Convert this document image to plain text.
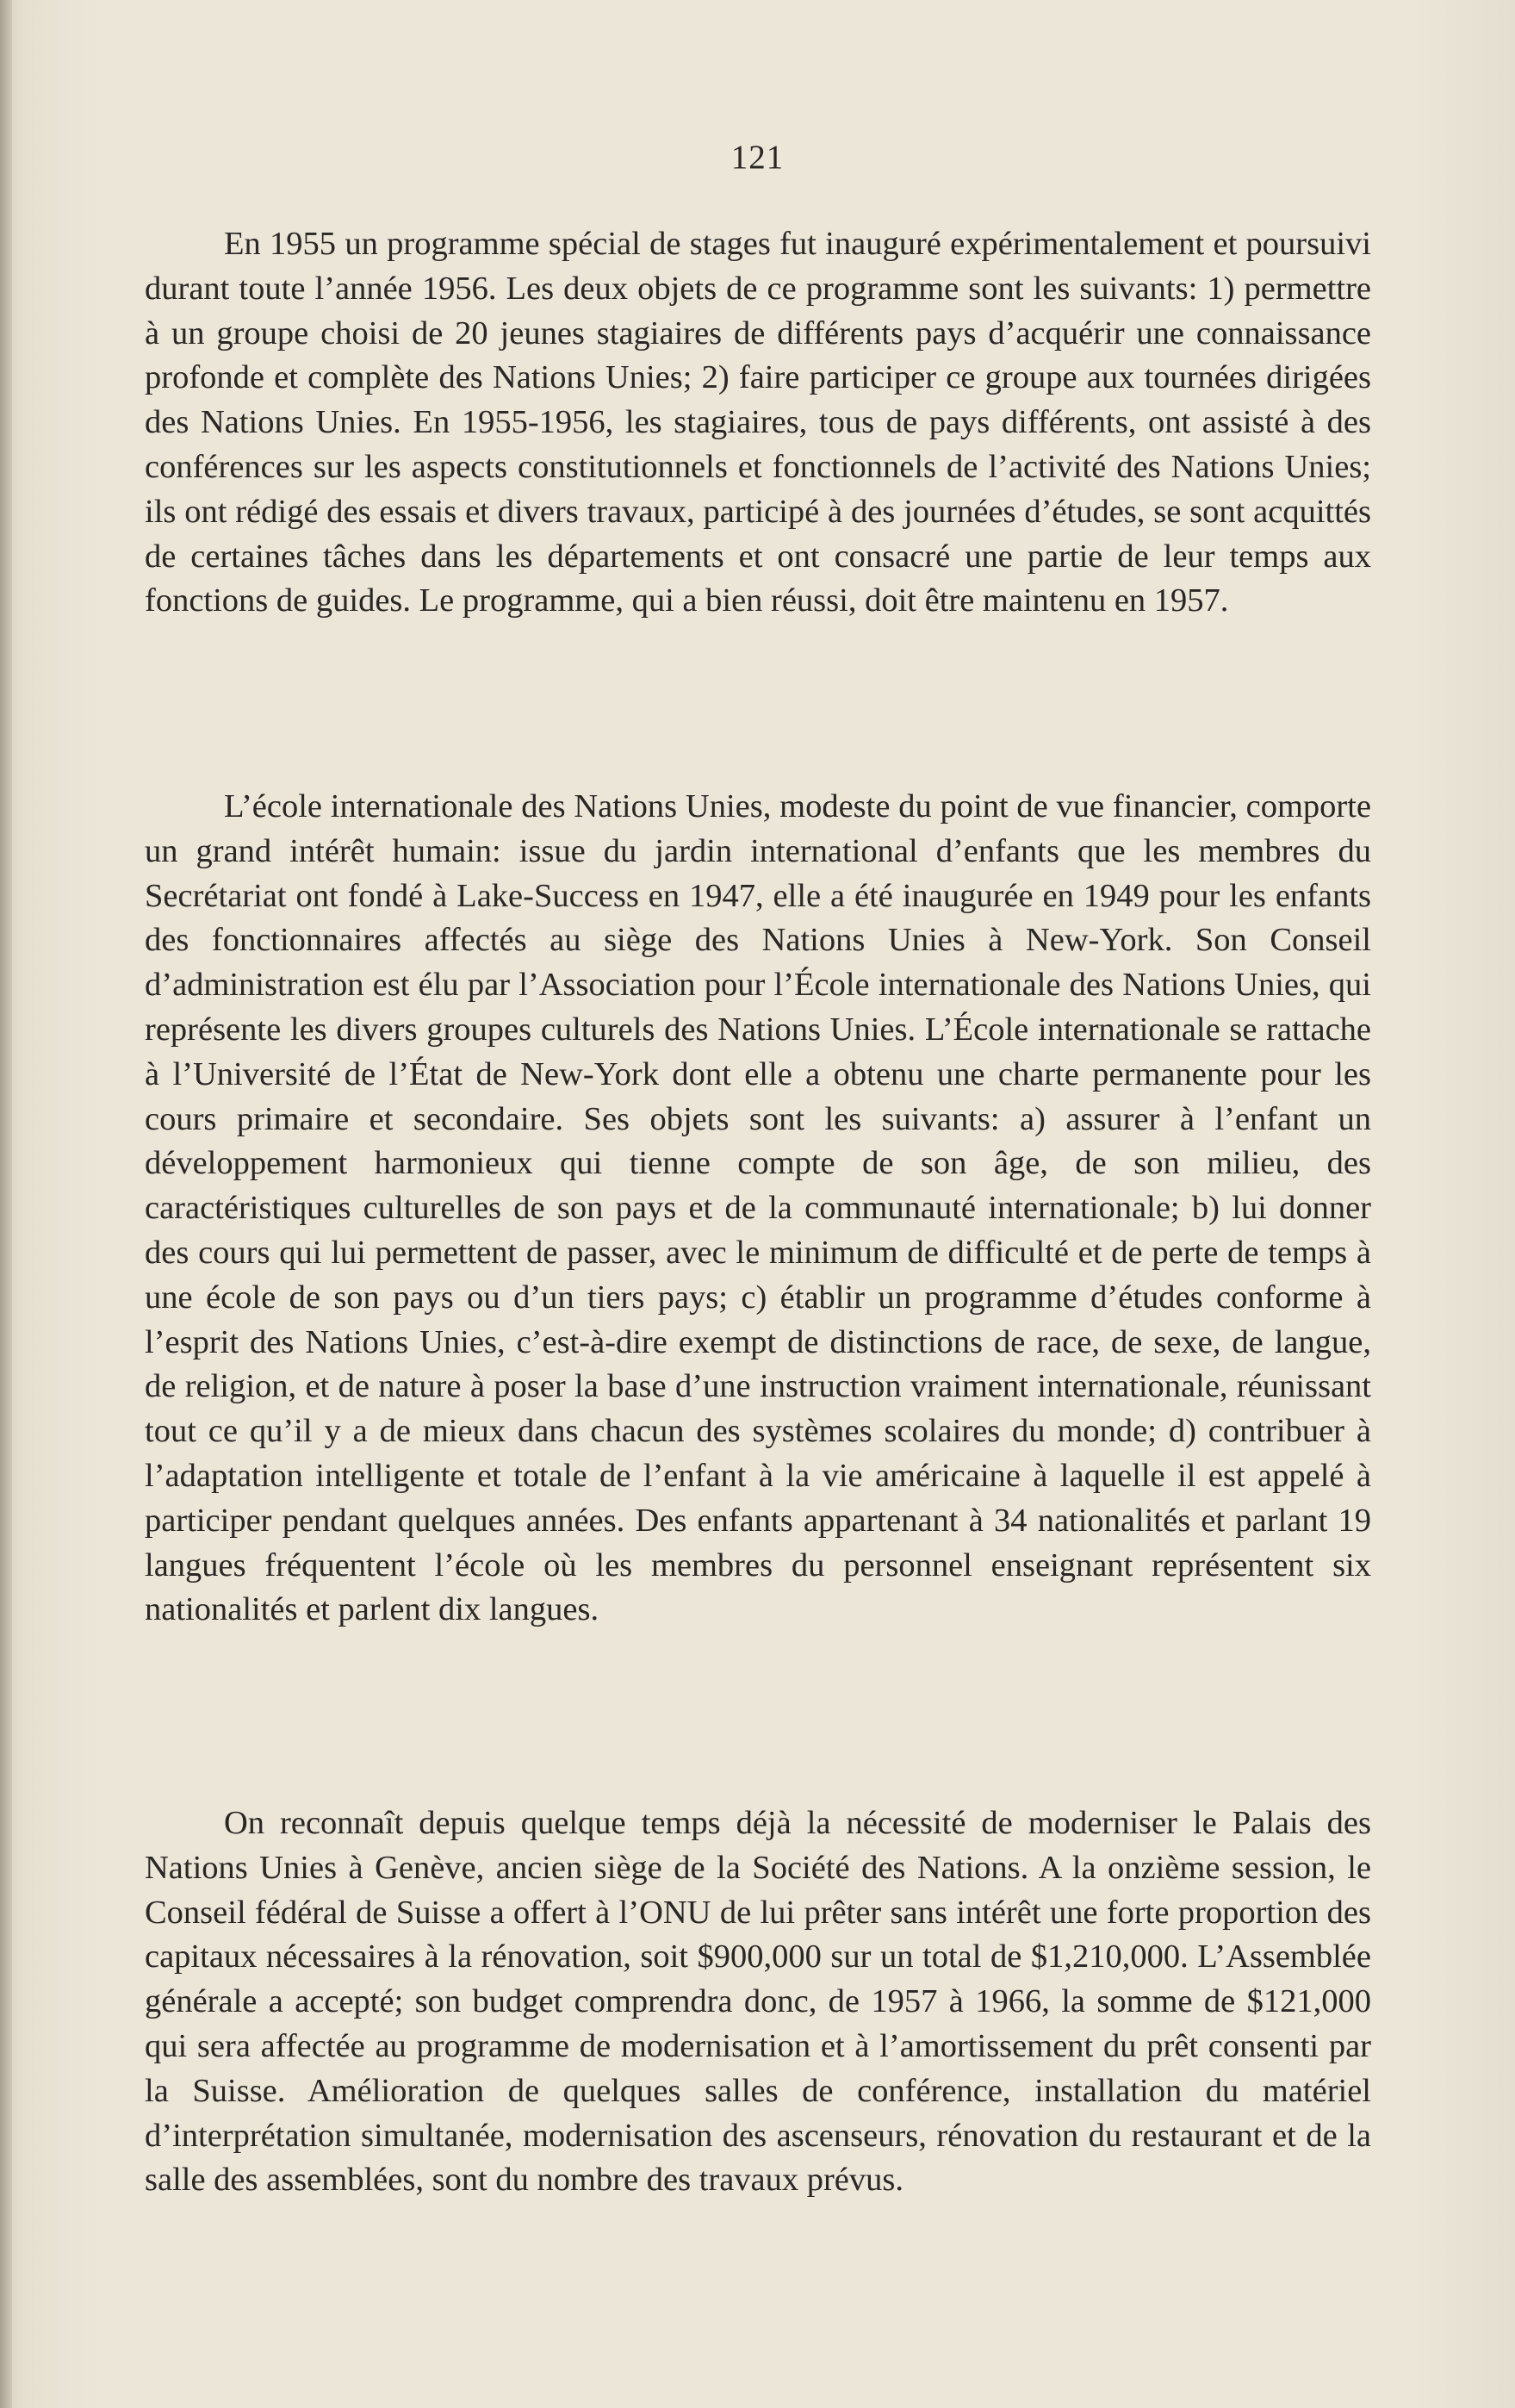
121

En 1955 un programme spécial de stages fut inauguré expérimentalement et poursuivi durant toute l’année 1956. Les deux objets de ce programme sont les suivants: 1) permettre à un groupe choisi de 20 jeunes stagiaires de différents pays d’acquérir une connaissance profonde et complète des Nations Unies; 2) faire participer ce groupe aux tournées dirigées des Nations Unies. En 1955-1956, les stagiaires, tous de pays différents, ont assisté à des conférences sur les aspects constitutionnels et fonctionnels de l’activité des Nations Unies; ils ont rédigé des essais et divers travaux, participé à des journées d’études, se sont acquittés de certaines tâches dans les départements et ont consacré une partie de leur temps aux fonctions de guides. Le programme, qui a bien réussi, doit être maintenu en 1957.

L’école internationale des Nations Unies, modeste du point de vue financier, comporte un grand intérêt humain: issue du jardin international d’enfants que les membres du Secrétariat ont fondé à Lake-Success en 1947, elle a été inaugurée en 1949 pour les enfants des fonctionnaires affectés au siège des Nations Unies à New-York. Son Conseil d’administration est élu par l’Association pour l’École internationale des Nations Unies, qui représente les divers groupes culturels des Nations Unies. L’École internationale se rattache à l’Université de l’État de New-York dont elle a obtenu une charte permanente pour les cours primaire et secondaire. Ses objets sont les suivants: a) assurer à l’enfant un développement harmonieux qui tienne compte de son âge, de son milieu, des caractéristiques culturelles de son pays et de la communauté internationale; b) lui donner des cours qui lui permettent de passer, avec le minimum de difficulté et de perte de temps à une école de son pays ou d’un tiers pays; c) établir un programme d’études conforme à l’esprit des Nations Unies, c’est-à-dire exempt de distinctions de race, de sexe, de langue, de religion, et de nature à poser la base d’une instruction vraiment internationale, réunissant tout ce qu’il y a de mieux dans chacun des systèmes scolaires du monde; d) contribuer à l’adaptation intelligente et totale de l’enfant à la vie américaine à laquelle il est appelé à participer pendant quelques années. Des enfants appartenant à 34 nationalités et parlant 19 langues fréquentent l’école où les membres du personnel enseignant représentent six nationalités et parlent dix langues.

On reconnaît depuis quelque temps déjà la nécessité de moderniser le Palais des Nations Unies à Genève, ancien siège de la Société des Nations. A la onzième session, le Conseil fédéral de Suisse a offert à l’ONU de lui prêter sans intérêt une forte proportion des capitaux nécessaires à la rénovation, soit $900,000 sur un total de $1,210,000. L’Assemblée générale a accepté; son budget comprendra donc, de 1957 à 1966, la somme de $121,000 qui sera affectée au programme de modernisation et à l’amortissement du prêt consenti par la Suisse. Amélioration de quelques salles de conférence, installation du matériel d’interprétation simultanée, modernisation des ascenseurs, rénovation du restaurant et de la salle des assemblées, sont du nombre des travaux prévus.
